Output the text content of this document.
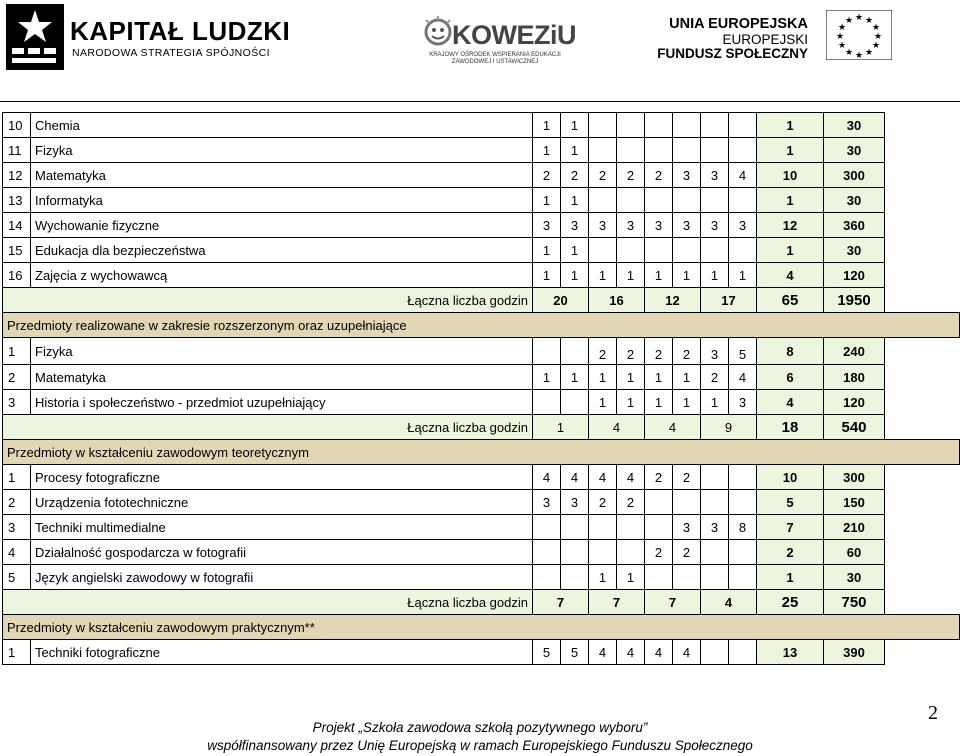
KAPITAŁ LUDZKI
NARODOWA STRATEGIA SPÓJNOŚCI
KOWEZiU
KRAJOWY OŚRODEK WSPIERANIA EDUKACJI ZAWODOWEJ I USTAWICZNEJ
UNIA EUROPEJSKA
EUROPEJSKI
FUNDUSZ SPOŁECZNY
★ ★
★
★
★
★
★
★
★
★
★
★
10	Chemia	1	1							1	30
11	Fizyka	1	1							1	30
12	Matematyka	2	2	2	2	2	3	3	4	10	300
13	Informatyka	1	1							1	30
14	Wychowanie fizyczne	3	3	3	3	3	3	3	3	12	360
15	Edukacja dla bezpieczeństwa	1	1							1	30
16	Zajęcia z wychowawcą	1	1	1	1	1	1	1	1	4	120
Łączna liczba godzin		20		16		12		17		65	1950
Przedmioty realizowane w zakresie rozszerzonym oraz uzupełniające											
1	Fizyka			2	2	2	2	3	5	8	240
2	Matematyka	1	1	1	1	1	1	2	4	6	180
3	Historia i społeczeństwo - przedmiot uzupełniający			1	1	1	1	1	3	4	120
Łączna liczba godzin		1		4		4		9		18	540
Przedmioty w kształceniu zawodowym teoretycznym											
1	Procesy fotograficzne	4	4	4	4	2	2			10	300
2	Urządzenia fototechniczne	3	3	2	2					5	150
3	Techniki multimedialne						3	3	8	7	210
4	Działalność gospodarcza w fotografii					2	2			2	60
5	Język angielski zawodowy w fotografii			1	1					1	30
Łączna liczba godzin		7		7		7		4		25	750
Przedmioty w kształceniu zawodowym praktycznym**											
1	Techniki fotograficzne	5	5	4	4	4	4			13	390
2
Projekt „Szkoła zawodowa szkołą pozytywnego wyboru”
współfinansowany przez Unię Europejską w ramach Europejskiego Funduszu Społecznego
